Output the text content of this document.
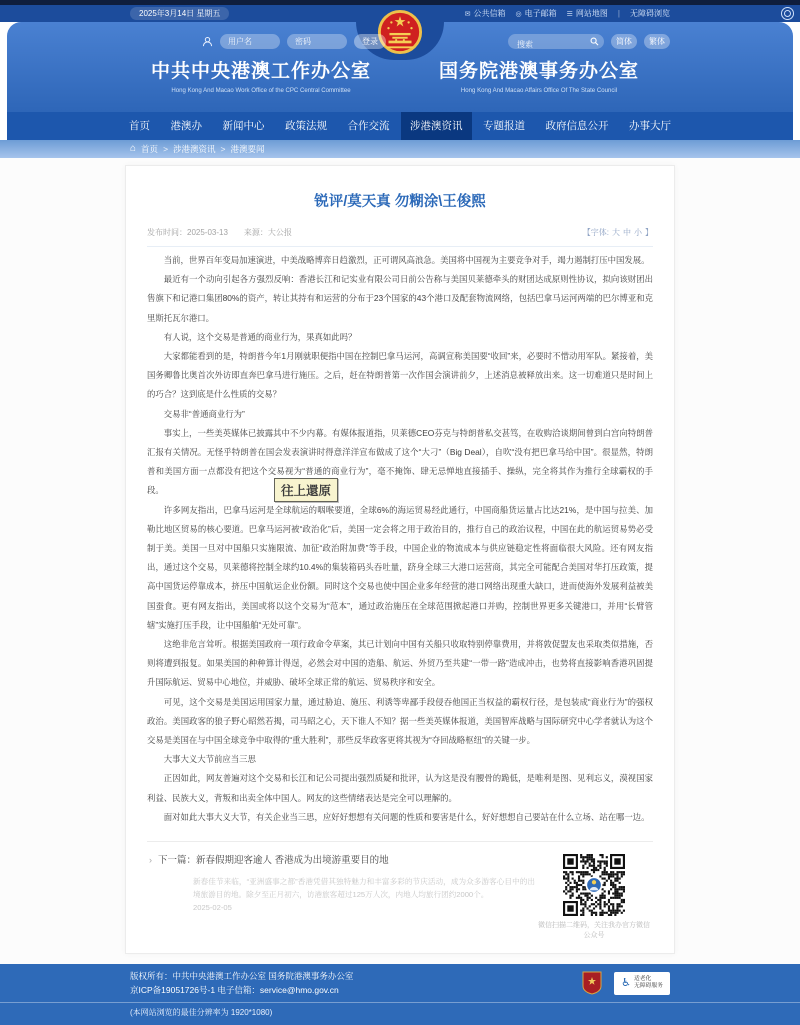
2025年3月14日 星期五	✉ 公共信箱 ◎ 电子邮箱 ☰ 网站地图 | 无障碍浏览
用户名
登录
搜索	简体	繁体
中共中央港澳工作办公室
Hong Kong And Macao Work Office of the CPC Central Committee
国务院港澳事务办公室
Hong Kong And Macao Affairs Office Of The State Council
首页	港澳办	新闻中心	政策法规	合作交流	涉港澳资讯	专题报道	政府信息公开	办事大厅
⌂ 首页 > 涉港澳资讯 > 港澳要闻
锐评/莫天真 勿糊涂\王俊熙
发布时间：2025-03-13 来源：大公报	【字体: 大 中 小 】

当前，世界百年变局加速演进，中美战略博弈日趋激烈，正可谓风高浪急。美国将中国视为主要竞争对手，竭力遏制打压中国发展。

最近有一个动向引起各方强烈反响：香港长江和记实业有限公司日前公告称与美国贝莱德牵头的财团达成原则性协议，拟向该财团出售旗下和记港口集团80%的资产，转让其持有和运营的分布于23个国家的43个港口及配套物流网络，包括巴拿马运河两端的巴尔博亚和克里斯托瓦尔港口。

有人说，这个交易是普通的商业行为，果真如此吗？

大家都能看到的是，特朗普今年1月刚就职便指中国在控制巴拿马运河，高调宣称美国要“收回”来，必要时不惜动用军队。紧接着，美国务卿鲁比奥首次外访即直奔巴拿马进行施压。之后，赶在特朗普第一次作国会演讲前夕，上述消息被释放出来。这一切难道只是时间上的巧合？这到底是什么性质的交易？

交易非“普通商业行为”

事实上，一些美英媒体已披露其中不少内幕。有媒体报道指，贝莱德CEO芬克与特朗普私交甚笃，在收购洽谈期间曾到白宫向特朗普汇报有关情况。无怪乎特朗普在国会发表演讲时得意洋洋宣布做成了这个“大刁”（Big Deal），自吹“没有把巴拿马给中国”。很显然，特朗普和美国方面一点都没有把这个交易视为“普通的商业行为”，毫不掩饰、肆无忌惮地直接插手、操纵，完全将其作为推行全球霸权的手段。

许多网友指出，巴拿马运河是全球航运的咽喉要道，全球6%的海运贸易经此通行，中国商船货运量占比达21%，是中国与拉美、加勒比地区贸易的核心要道。巴拿马运河被“政治化”后，美国一定会将之用于政治目的，推行自己的政治议程，中国在此的航运贸易势必受制于美。美国一旦对中国船只实施限流、加征“政治附加费”等手段，中国企业的物流成本与供应链稳定性将面临很大风险。还有网友指出，通过这个交易，贝莱德将控制全球约10.4%的集装箱码头吞吐量，跻身全球三大港口运营商，其完全可能配合美国对华打压政策，提高中国货运停靠成本，挤压中国航运企业份额。同时这个交易也使中国企业多年经营的港口网络出现重大缺口，进而使海外发展利益被美国蚕食。更有网友指出，美国或将以这个交易为“范本”，通过政治施压在全球范围掀起港口并购，控制世界更多关键港口，并用“长臂管辖”实施打压手段，让中国船舶“无处可靠”。

这绝非危言耸听。根据美国政府一项行政命令草案，其已计划向中国有关船只收取特别停靠费用，并将敦促盟友也采取类似措施，否则将遭到报复。如果美国的种种算计得逞，必然会对中国的造船、航运、外贸乃至共建“一带一路”造成冲击，也势将直接影响香港巩固提升国际航运、贸易中心地位，并威胁、破坏全球正常的航运、贸易秩序和安全。

可见，这个交易是美国运用国家力量，通过胁迫、施压、利诱等卑鄙手段侵吞他国正当权益的霸权行径，是包装成“商业行为”的强权政治。美国政客的狼子野心昭然若揭，司马昭之心，天下谁人不知？据一些美英媒体报道，美国智库战略与国际研究中心学者就认为这个交易是美国在与中国全球竞争中取得的“重大胜利”，那些反华政客更将其视为“夺回战略枢纽”的关键一步。

大事大义大节前应当三思

正因如此，网友普遍对这个交易和长江和记公司提出强烈质疑和批评，认为这是没有腰骨的跪低，是唯利是图、见利忘义，漠视国家利益、民族大义，背叛和出卖全体中国人。网友的这些情绪表达是完全可以理解的。

面对如此大事大义大节，有关企业当三思，应好好想想有关问题的性质和要害是什么，好好想想自己要站在什么立场、站在哪一边。

往上還原
› 下一篇：新春假期迎客逾人 香港成为出境游重要目的地
新春佳节来临，“亚洲盛事之都”香港凭借其独特魅力和丰富多彩的节庆活动，成为众多游客心目中的出境旅游目的地。除夕至正月初六，访港旅客超过125万人次，内地人均旅行团约2000个。
2025-02-05
微信扫描二维码，关注我办官方微信公众号
版权所有：中共中央港澳工作办公室 国务院港澳事务办公室
京ICP备19051726号-1 电子信箱：service@hmo.gov.cn
♿ 适老化
无障碍服务
(本网站浏览的最佳分辨率为 1920*1080)
